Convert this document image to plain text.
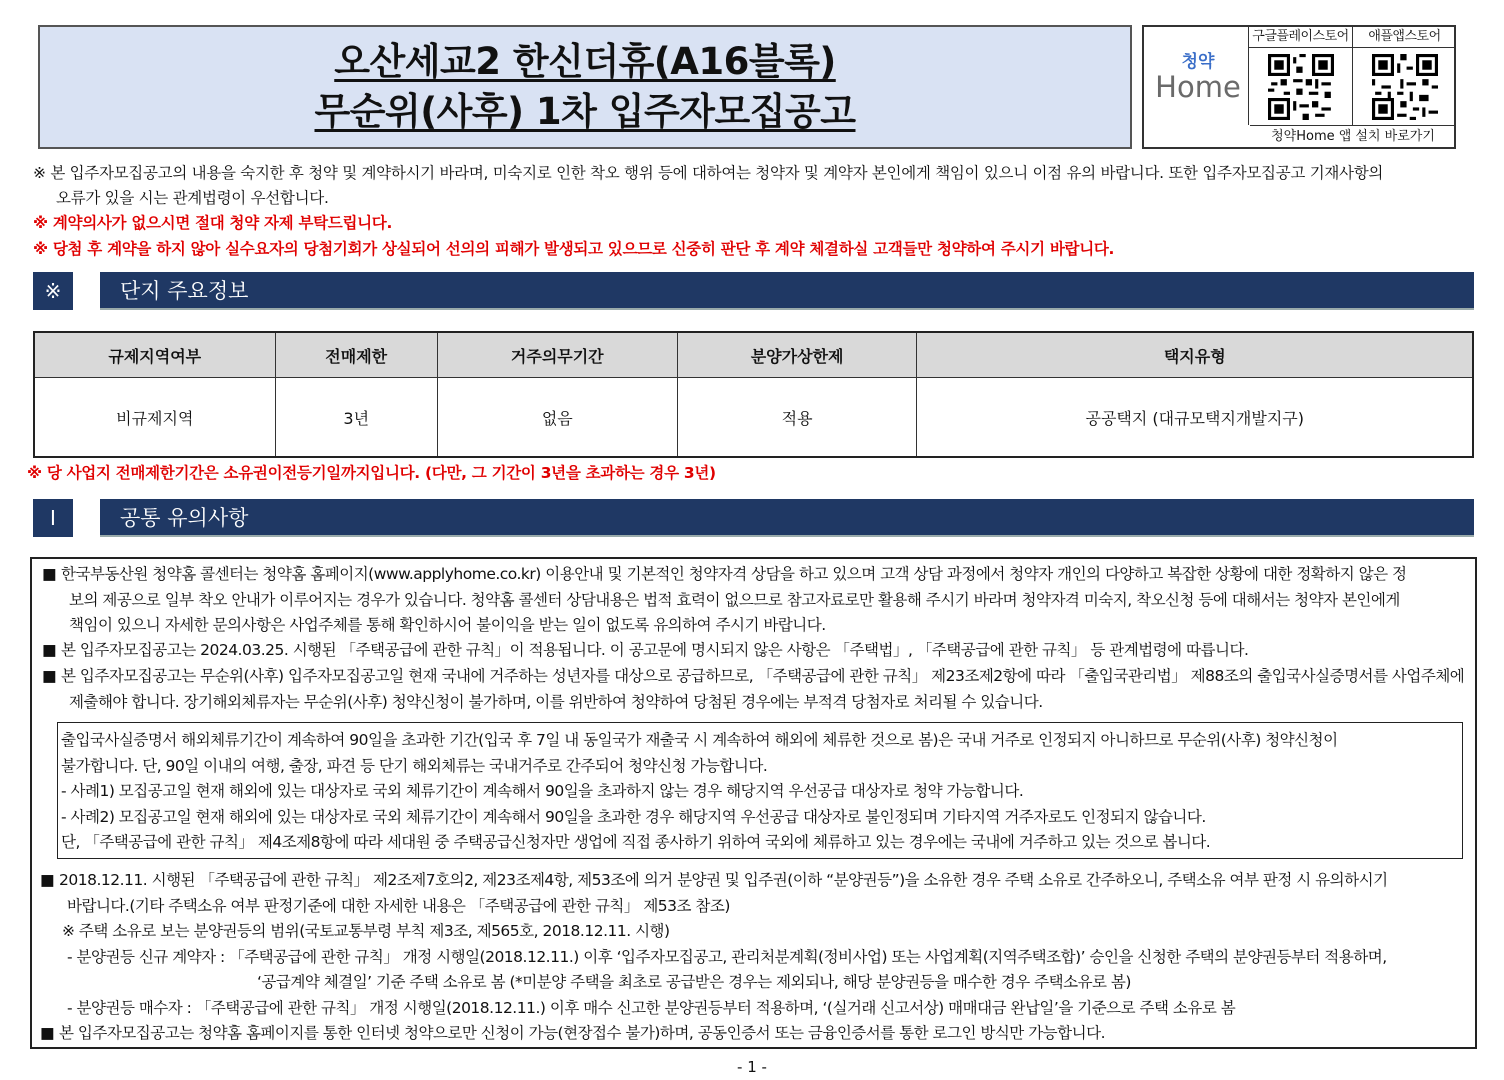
오산세교2 한신더휴(A16블록)
무순위(사후) 1차 입주자모집공고
청약
Home
구글플레이스토어	애플앱스토어
청약Home 앱 설치 바로가기
※ 본 입주자모집공고의 내용을 숙지한 후 청약 및 계약하시기 바라며, 미숙지로 인한 착오 행위 등에 대하여는 청약자 및 계약자 본인에게 책임이 있으니 이점 유의 바랍니다. 또한 입주자모집공고 기재사항의
오류가 있을 시는 관계법령이 우선합니다.
※ 계약의사가 없으시면 절대 청약 자제 부탁드립니다.
※ 당첨 후 계약을 하지 않아 실수요자의 당첨기회가 상실되어 선의의 피해가 발생되고 있으므로 신중히 판단 후 계약 체결하실 고객들만 청약하여 주시기 바랍니다.
※	단지 주요정보
규제지역여부	전매제한	거주의무기간	분양가상한제	택지유형
비규제지역	3년	없음	적용	공공택지 (대규모택지개발지구)
※ 당 사업지 전매제한기간은 소유권이전등기일까지입니다. (다만, 그 기간이 3년을 초과하는 경우 3년)
I	공통 유의사항
■ 한국부동산원 청약홈 콜센터는 청약홈 홈페이지(www.applyhome.co.kr) 이용안내 및 기본적인 청약자격 상담을 하고 있으며 고객 상담 과정에서 청약자 개인의 다양하고 복잡한 상황에 대한 정확하지 않은 정
보의 제공으로 일부 착오 안내가 이루어지는 경우가 있습니다. 청약홈 콜센터 상담내용은 법적 효력이 없으므로 참고자료로만 활용해 주시기 바라며 청약자격 미숙지, 착오신청 등에 대해서는 청약자 본인에게
책임이 있으니 자세한 문의사항은 사업주체를 통해 확인하시어 불이익을 받는 일이 없도록 유의하여 주시기 바랍니다.
■ 본 입주자모집공고는 2024.03.25. 시행된 「주택공급에 관한 규칙」이 적용됩니다. 이 공고문에 명시되지 않은 사항은 「주택법」, 「주택공급에 관한 규칙」 등 관계법령에 따릅니다.
■ 본 입주자모집공고는 무순위(사후) 입주자모집공고일 현재 국내에 거주하는 성년자를 대상으로 공급하므로, 「주택공급에 관한 규칙」 제23조제2항에 따라 「출입국관리법」 제88조의 출입국사실증명서를 사업주체에
제출해야 합니다. 장기해외체류자는 무순위(사후) 청약신청이 불가하며, 이를 위반하여 청약하여 당첨된 경우에는 부적격 당첨자로 처리될 수 있습니다.
출입국사실증명서 해외체류기간이 계속하여 90일을 초과한 기간(입국 후 7일 내 동일국가 재출국 시 계속하여 해외에 체류한 것으로 봄)은 국내 거주로 인정되지 아니하므로 무순위(사후) 청약신청이
불가합니다. 단, 90일 이내의 여행, 출장, 파견 등 단기 해외체류는 국내거주로 간주되어 청약신청 가능합니다.
- 사례1) 모집공고일 현재 해외에 있는 대상자로 국외 체류기간이 계속해서 90일을 초과하지 않는 경우 해당지역 우선공급 대상자로 청약 가능합니다.
- 사례2) 모집공고일 현재 해외에 있는 대상자로 국외 체류기간이 계속해서 90일을 초과한 경우 해당지역 우선공급 대상자로 불인정되며 기타지역 거주자로도 인정되지 않습니다.
단, 「주택공급에 관한 규칙」 제4조제8항에 따라 세대원 중 주택공급신청자만 생업에 직접 종사하기 위하여 국외에 체류하고 있는 경우에는 국내에 거주하고 있는 것으로 봅니다.
■ 2018.12.11. 시행된 「주택공급에 관한 규칙」 제2조제7호의2, 제23조제4항, 제53조에 의거 분양권 및 입주권(이하 “분양권등”)을 소유한 경우 주택 소유로 간주하오니, 주택소유 여부 판정 시 유의하시기
바랍니다.(기타 주택소유 여부 판정기준에 대한 자세한 내용은 「주택공급에 관한 규칙」 제53조 참조)
※ 주택 소유로 보는 분양권등의 범위(국토교통부령 부칙 제3조, 제565호, 2018.12.11. 시행)
- 분양권등 신규 계약자 : 「주택공급에 관한 규칙」 개정 시행일(2018.12.11.) 이후 ‘입주자모집공고, 관리처분계획(정비사업) 또는 사업계획(지역주택조합)’ 승인을 신청한 주택의 분양권등부터 적용하며,
‘공급계약 체결일’ 기준 주택 소유로 봄 (*미분양 주택을 최초로 공급받은 경우는 제외되나, 해당 분양권등을 매수한 경우 주택소유로 봄)
- 분양권등 매수자 : 「주택공급에 관한 규칙」 개정 시행일(2018.12.11.) 이후 매수 신고한 분양권등부터 적용하며, ‘(실거래 신고서상) 매매대금 완납일’을 기준으로 주택 소유로 봄
■ 본 입주자모집공고는 청약홈 홈페이지를 통한 인터넷 청약으로만 신청이 가능(현장접수 불가)하며, 공동인증서 또는 금융인증서를 통한 로그인 방식만 가능합니다.
- 1 -
